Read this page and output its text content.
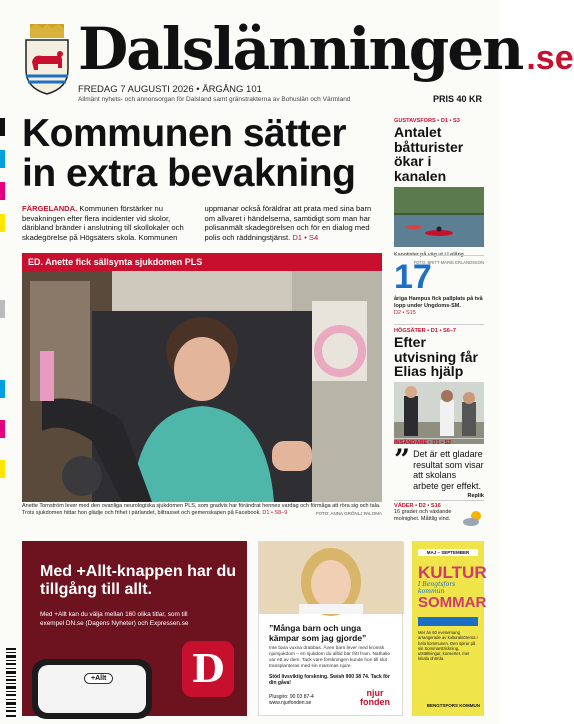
Dalslänningen .se
FREDAG 7 AUGUSTI 2026 • ÅRGÅNG 101
Allmänt nyhets- och annonsorgan för Dalsland samt gränstrakterna av Bohuslän och Värmland	PRIS 40 KR
Kommunen sätter in extra bevakning
FÄRGELANDA. Kommunen förstärker nu bevakningen efter flera incidenter vid skolor, däribland bränder i anslutning till skollokaler och skadegörelse på Högsäters skola. Kommunen uppmanar också föräldrar att prata med sina barn om allvaret i händelserna, samtidigt som man har polisanmält skadegörelsen och för en dialog med polis och räddningstjänst. D1 • S4
ED. Anette fick sällsynta sjukdomen PLS
Anette Tornström lever med den ovanliga neurologiska sjukdomen PLS, som gradvis har förändrat hennes vardag och förmåga att röra sig och tala. Trots sjukdomen hittar hon glädje och frihet i pärlandet, biltrasset och gemenskapen på Facebook. D1 • S8–9	FOTO: ANNA GRÖNLJ PALOMA
GUSTAVSFORS • D1 • S3
Antalet båtturister ökar i kanalen
Kanotister på väg ut i Lelång.
FOTO: BRITT-MARIE ERLANDSSON
17
åriga Hampus fick pallplats på två lopp under Ungdoms-SM.
D2 • S15
HÖGSÄTER • D1 • S6–7
Efter utvisning får Elias hjälp
INSÄNDARE • D1 • S2
” Det är ett gladare resultat som visar att skolans arbete ger effekt.
Replik
VÄDER • D2 • S16
16 grader och växlande molnighet. Måttlig vind.
Med +Allt-knappen har du tillgång till allt.
Med +Allt kan du välja mellan 160 olika titlar, som till exempel DN.se (Dagens Nyheter) och Expressen.se
+Allt D
”Många barn och unga kämpar som jag gjorde”
Inte bara vuxna drabbas. Även barn lever med kronisk njursjukdom – en sjukdom du alltid bär fritt fram. Nathalie var ett av dem. Tack vare forskningen kunde hon till slut transplanteras med sin mammas njure.
Stöd livsviktig forskning. Swish 900 38 74. Tack för din gåva!
Plusgiro: 90 03 87-4
www.njurfonden.se
njur fonden
MAJ – SEPTEMBER
KULTUR
I Bengtsfors kommun
SOMMAR
Mer än 60 evenemang arrangerade av kulturaktörerna i hela kommunen. Den spirar på sin Sommarstrickning, utställningar, konserter, mer lokala ohörda.
BENGTSFORS KOMMUN
